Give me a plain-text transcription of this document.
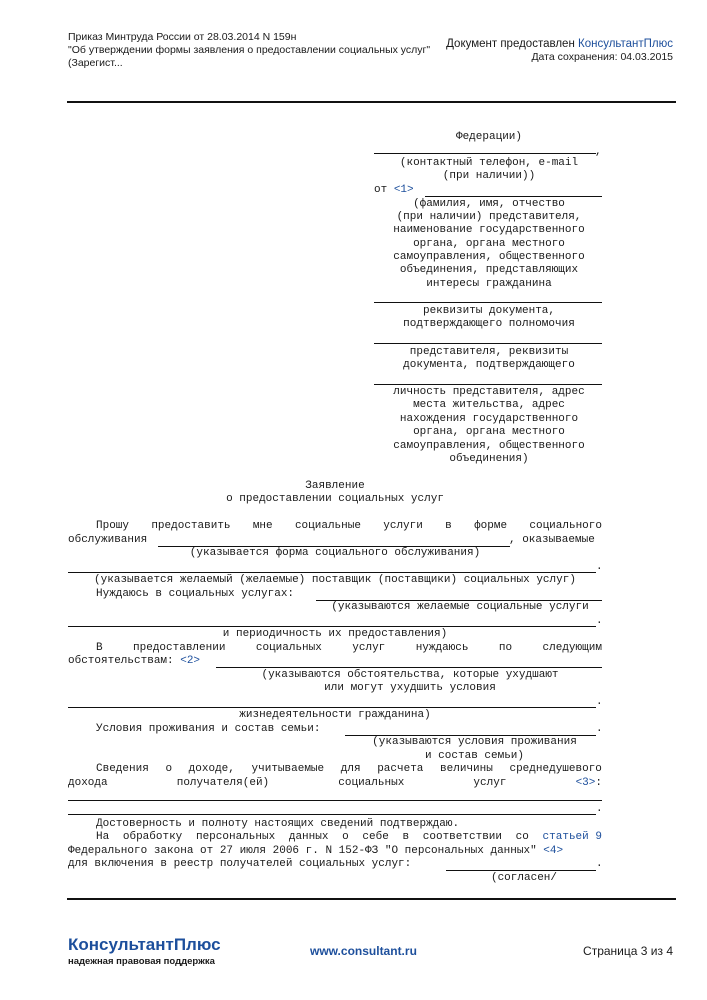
Приказ Минтруда России от 28.03.2014 N 159н
"Об утверждении формы заявления о предоставлении социальных услуг"
(Зарегист...
Документ предоставлен КонсультантПлюс
Дата сохранения: 04.03.2015
Федерации)
,
(контактный телефон, e-mail
(при наличии))
от <1>
(фамилия, имя, отчество
(при наличии) представителя,
наименование государственного
органа, органа местного
самоуправления, общественного
объединения, представляющих
интересы гражданина
реквизиты документа,
подтверждающего полномочия
представителя, реквизиты
документа, подтверждающего
личность представителя, адрес
места жительства, адрес
нахождения государственного
органа, органа местного
самоуправления, общественного
объединения)
Заявление
о предоставлении социальных услуг
Прошу предоставить мне социальные услуги в форме социального
обслуживания	, оказываемые
(указывается форма социального обслуживания)
.
(указывается желаемый (желаемые) поставщик (поставщики) социальных услуг)
Нуждаюсь в социальных услугах:
(указываются желаемые социальные услуги
.
и периодичность их предоставления)
В	предоставлении	социальных	услуг	нуждаюсь	по	следующим
обстоятельствам: <2>
(указываются обстоятельства, которые ухудшают
или могут ухудшить условия
.
жизнедеятельности гражданина)
Условия проживания и состав семьи:	.
(указываются условия проживания
и состав семьи)
Сведения о доходе, учитываемые для расчета величины среднедушевого
дохода	получателя(ей)	социальных	услуг	<3>:
.
Достоверность и полноту настоящих сведений подтверждаю.
На обработку персональных данных о себе в соответствии со статьей 9
Федерального закона от 27 июля 2006 г. N 152-ФЗ "О персональных данных" <4>
для включения в реестр получателей социальных услуг:	.
(согласен/
КонсультантПлюс
надежная правовая поддержка
www.consultant.ru	Страница 3 из 4
